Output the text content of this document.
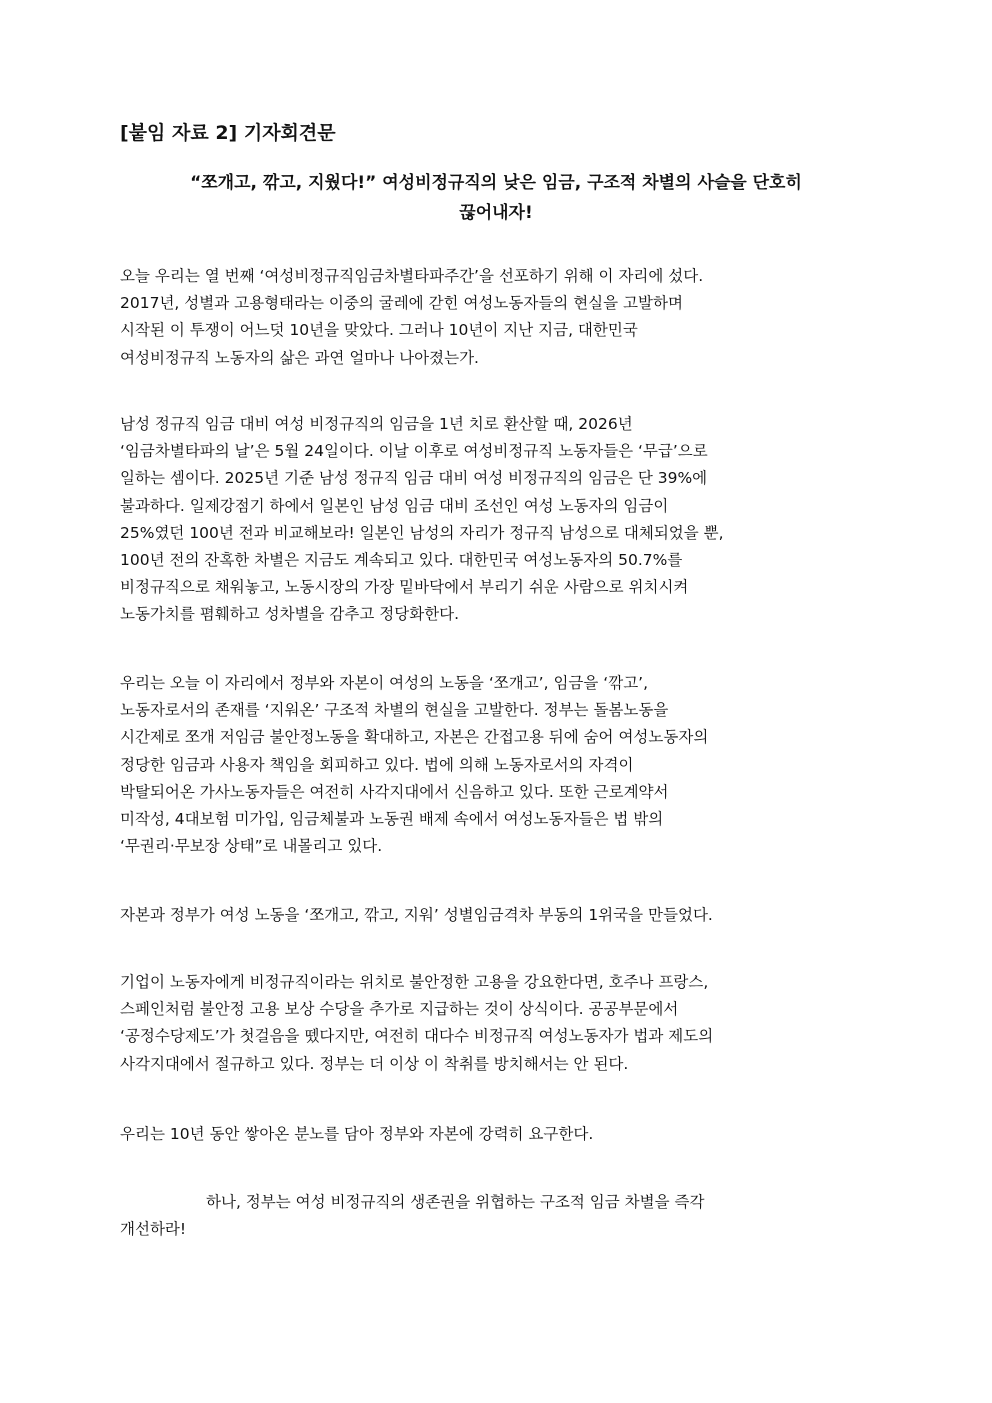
[붙임 자료 2] 기자회견문
“쪼개고, 깎고, 지웠다!” 여성비정규직의 낮은 임금, 구조적 차별의 사슬을 단호히
끊어내자!

오늘 우리는 열 번째 ‘여성비정규직임금차별타파주간’을 선포하기 위해 이 자리에 섰다.
2017년, 성별과 고용형태라는 이중의 굴레에 갇힌 여성노동자들의 현실을 고발하며
시작된 이 투쟁이 어느덧 10년을 맞았다. 그러나 10년이 지난 지금, 대한민국
여성비정규직 노동자의 삶은 과연 얼마나 나아졌는가.

남성 정규직 임금 대비 여성 비정규직의 임금을 1년 치로 환산할 때, 2026년
‘임금차별타파의 날’은 5월 24일이다. 이날 이후로 여성비정규직 노동자들은 ‘무급’으로
일하는 셈이다. 2025년 기준 남성 정규직 임금 대비 여성 비정규직의 임금은 단 39%에
불과하다. 일제강점기 하에서 일본인 남성 임금 대비 조선인 여성 노동자의 임금이
25%였던 100년 전과 비교해보라! 일본인 남성의 자리가 정규직 남성으로 대체되었을 뿐,
100년 전의 잔혹한 차별은 지금도 계속되고 있다. 대한민국 여성노동자의 50.7%를
비정규직으로 채워놓고, 노동시장의 가장 밑바닥에서 부리기 쉬운 사람으로 위치시켜
노동가치를 폄훼하고 성차별을 감추고 정당화한다.

우리는 오늘 이 자리에서 정부와 자본이 여성의 노동을 ‘쪼개고’, 임금을 ‘깎고’,
노동자로서의 존재를 ‘지워온’ 구조적 차별의 현실을 고발한다. 정부는 돌봄노동을
시간제로 쪼개 저임금 불안정노동을 확대하고, 자본은 간접고용 뒤에 숨어 여성노동자의
정당한 임금과 사용자 책임을 회피하고 있다. 법에 의해 노동자로서의 자격이
박탈되어온 가사노동자들은 여전히 사각지대에서 신음하고 있다. 또한 근로계약서
미작성, 4대보험 미가입, 임금체불과 노동권 배제 속에서 여성노동자들은 법 밖의
‘무권리·무보장 상태”로 내몰리고 있다.

자본과 정부가 여성 노동을 ‘쪼개고, 깎고, 지워’ 성별임금격차 부동의 1위국을 만들었다.

기업이 노동자에게 비정규직이라는 위치로 불안정한 고용을 강요한다면, 호주나 프랑스,
스페인처럼 불안정 고용 보상 수당을 추가로 지급하는 것이 상식이다. 공공부문에서
‘공정수당제도’가 첫걸음을 뗐다지만, 여전히 대다수 비정규직 여성노동자가 법과 제도의
사각지대에서 절규하고 있다. 정부는 더 이상 이 착취를 방치해서는 안 된다.

우리는 10년 동안 쌓아온 분노를 담아 정부와 자본에 강력히 요구한다.

하나, 정부는 여성 비정규직의 생존권을 위협하는 구조적 임금 차별을 즉각
개선하라!
